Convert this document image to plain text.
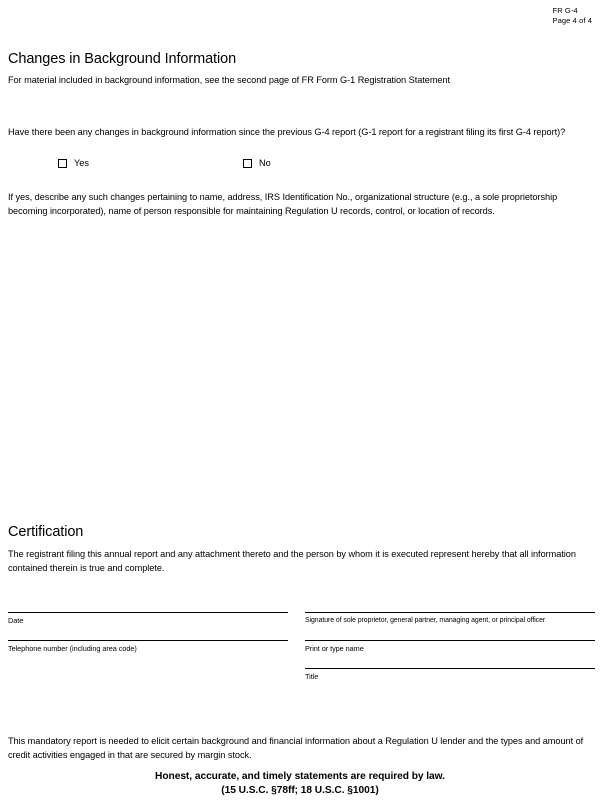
FR G-4
Page 4 of 4
Changes in Background Information
For material included in background information, see the second page of FR Form G-1 Registration Statement
Have there been any changes in background information since the previous G-4 report (G-1 report for a registrant filing its first G-4 report)?
Yes	No
If yes, describe any such changes pertaining to name, address, IRS Identification No., organizational structure (e.g., a sole proprietorship becoming incorporated), name of person responsible for maintaining Regulation U records, control, or location of records.
Certification
The registrant filing this annual report and any attachment thereto and the person by whom it is executed represent hereby that all information contained therein is true and complete.
Date
Telephone number (including area code)
Signature of sole proprietor, general partner, managing agent, or principal officer
Print or type name
Title
This mandatory report is needed to elicit certain background and financial information about a Regulation U lender and the types and amount of credit activities engaged in that are secured by margin stock.
Honest, accurate, and timely statements are required by law.
(15 U.S.C. §78ff; 18 U.S.C. §1001)
